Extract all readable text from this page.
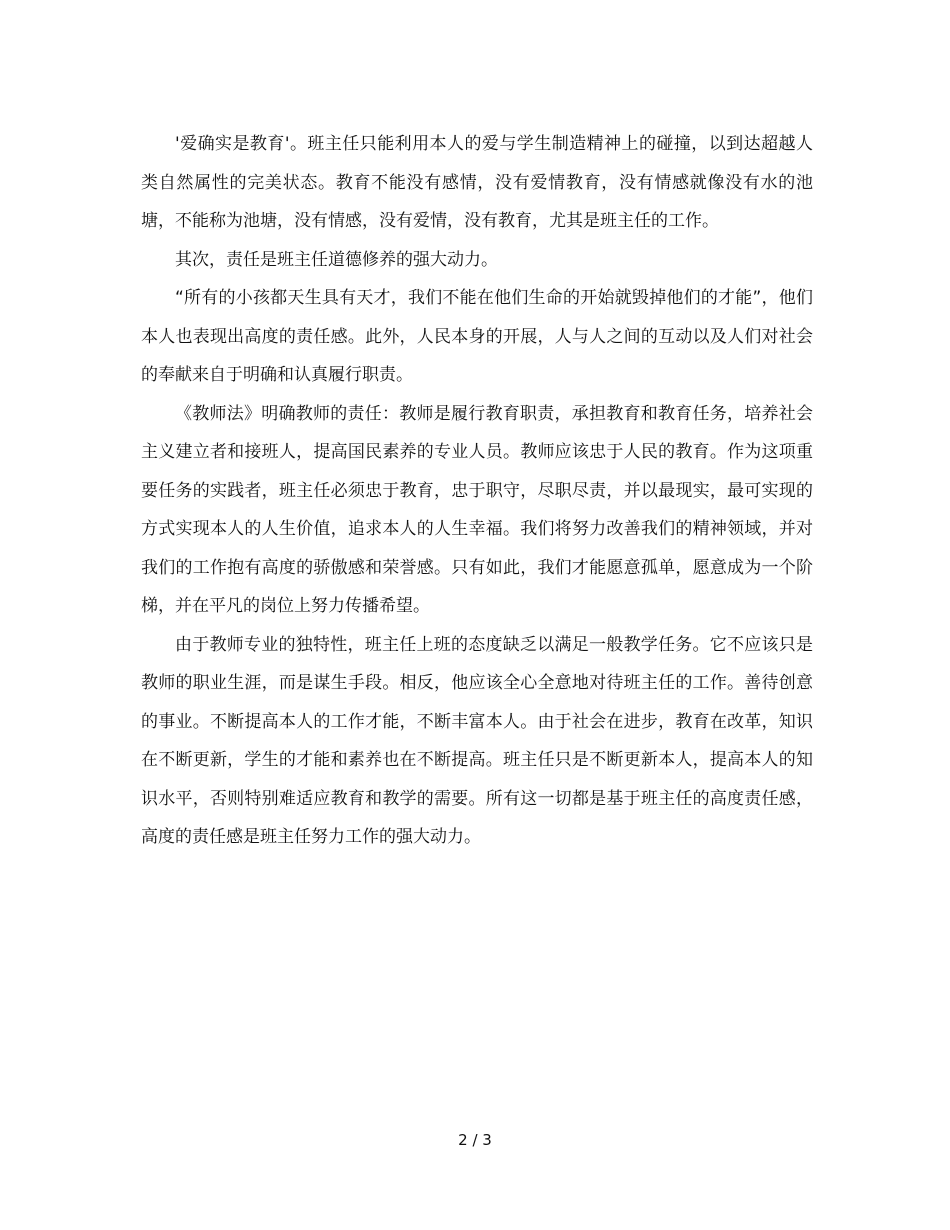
'爱确实是教育'。班主任只能利用本人的爱与学生制造精神上的碰撞，以到达超越人类自然属性的完美状态。教育不能没有感情，没有爱情教育，没有情感就像没有水的池塘，不能称为池塘，没有情感，没有爱情，没有教育，尤其是班主任的工作。

其次，责任是班主任道德修养的强大动力。

“所有的小孩都天生具有天才，我们不能在他们生命的开始就毁掉他们的才能”，他们本人也表现出高度的责任感。此外，人民本身的开展，人与人之间的互动以及人们对社会的奉献来自于明确和认真履行职责。

《教师法》明确教师的责任：教师是履行教育职责，承担教育和教育任务，培养社会主义建立者和接班人，提高国民素养的专业人员。教师应该忠于人民的教育。作为这项重要任务的实践者，班主任必须忠于教育，忠于职守，尽职尽责，并以最现实，最可实现的方式实现本人的人生价值，追求本人的人生幸福。我们将努力改善我们的精神领域，并对我们的工作抱有高度的骄傲感和荣誉感。只有如此，我们才能愿意孤单，愿意成为一个阶梯，并在平凡的岗位上努力传播希望。

由于教师专业的独特性，班主任上班的态度缺乏以满足一般教学任务。它不应该只是教师的职业生涯，而是谋生手段。相反，他应该全心全意地对待班主任的工作。善待创意的事业。不断提高本人的工作才能，不断丰富本人。由于社会在进步，教育在改革，知识在不断更新，学生的才能和素养也在不断提高。班主任只是不断更新本人，提高本人的知识水平，否则特别难适应教育和教学的需要。所有这一切都是基于班主任的高度责任感，高度的责任感是班主任努力工作的强大动力。

2 / 3
